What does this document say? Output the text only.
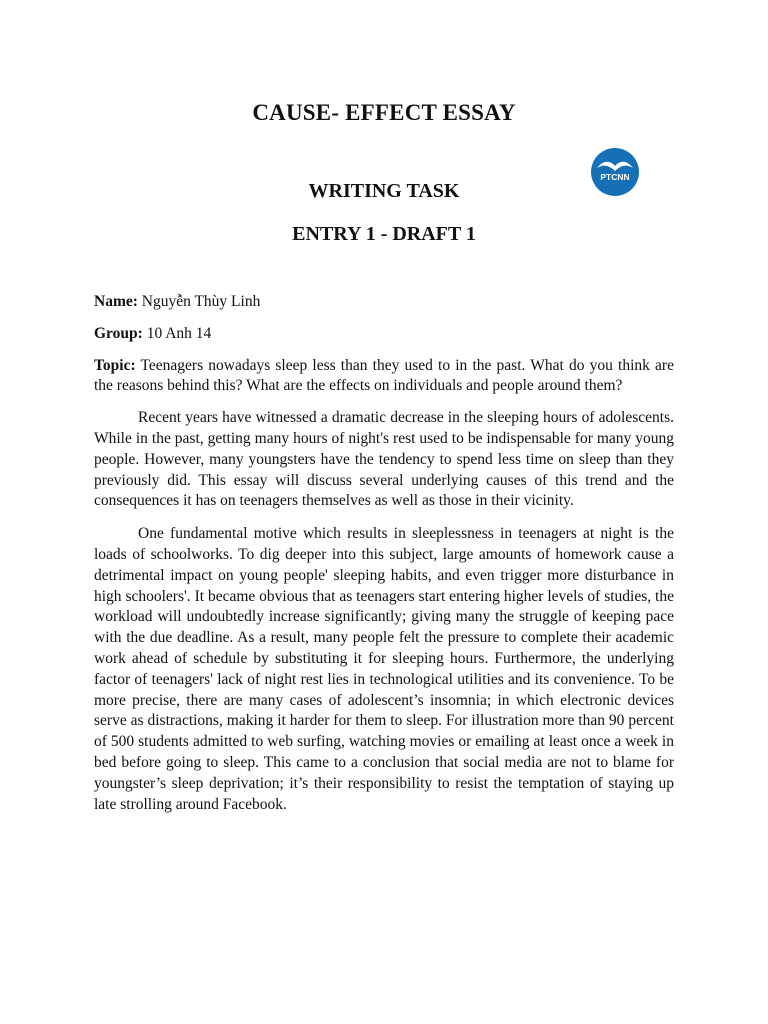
CAUSE- EFFECT ESSAY
PTCNN
WRITING TASK
ENTRY 1 - DRAFT 1

Name: Nguyễn Thùy Linh

Group: 10 Anh 14

Topic: Teenagers nowadays sleep less than they used to in the past. What do you think are the reasons behind this? What are the effects on individuals and people around them?

Recent years have witnessed a dramatic decrease in the sleeping hours of adolescents. While in the past, getting many hours of night's rest used to be indispensable for many young people. However, many youngsters have the tendency to spend less time on sleep than they previously did. This essay will discuss several underlying causes of this trend and the consequences it has on teenagers themselves as well as those in their vicinity.

One fundamental motive which results in sleeplessness in teenagers at night is the loads of schoolworks. To dig deeper into this subject, large amounts of homework cause a detrimental impact on young people' sleeping habits, and even trigger more disturbance in high schoolers'. It became obvious that as teenagers start entering higher levels of studies, the workload will undoubtedly increase significantly; giving many the struggle of keeping pace with the due deadline. As a result, many people felt the pressure to complete their academic work ahead of schedule by substituting it for sleeping hours. Furthermore, the underlying factor of teenagers' lack of night rest lies in technological utilities and its convenience. To be more precise, there are many cases of adolescent’s insomnia; in which electronic devices serve as distractions, making it harder for them to sleep. For illustration more than 90 percent of 500 students admitted to web surfing, watching movies or emailing at least once a week in bed before going to sleep. This came to a conclusion that social media are not to blame for youngster’s sleep deprivation; it’s their responsibility to resist the temptation of staying up late strolling around Facebook.
